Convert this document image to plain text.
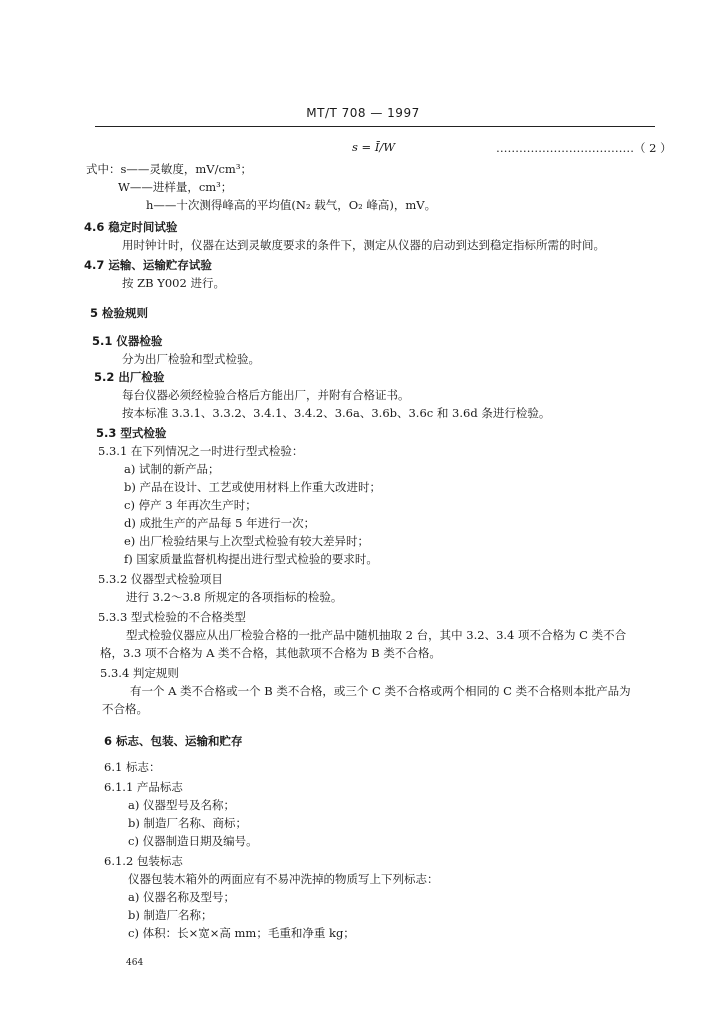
MT/T 708 — 1997
s = Ī/W	………………………………（ 2 ）
式中：s——灵敏度，mV/cm³；
W——进样量，cm³；
h——十次测得峰高的平均值(N₂ 载气，O₂ 峰高)，mV。
4.6 稳定时间试验
用时钟计时，仪器在达到灵敏度要求的条件下，测定从仪器的启动到达到稳定指标所需的时间。
4.7 运输、运输贮存试验
按 ZB Y002 进行。
5 检验规则
5.1 仪器检验
分为出厂检验和型式检验。
5.2 出厂检验
每台仪器必须经检验合格后方能出厂，并附有合格证书。
按本标准 3.3.1、3.3.2、3.4.1、3.4.2、3.6a、3.6b、3.6c 和 3.6d 条进行检验。
5.3 型式检验
5.3.1 在下列情况之一时进行型式检验：
a) 试制的新产品；
b) 产品在设计、工艺或使用材料上作重大改进时；
c) 停产 3 年再次生产时；
d) 成批生产的产品每 5 年进行一次；
e) 出厂检验结果与上次型式检验有较大差异时；
f) 国家质量监督机构提出进行型式检验的要求时。
5.3.2 仪器型式检验项目
进行 3.2～3.8 所规定的各项指标的检验。
5.3.3 型式检验的不合格类型
型式检验仪器应从出厂检验合格的一批产品中随机抽取 2 台，其中 3.2、3.4 项不合格为 C 类不合
格，3.3 项不合格为 A 类不合格，其他款项不合格为 B 类不合格。
5.3.4 判定规则
有一个 A 类不合格或一个 B 类不合格，或三个 C 类不合格或两个相同的 C 类不合格则本批产品为
不合格。
6 标志、包装、运输和贮存
6.1 标志：
6.1.1 产品标志
a) 仪器型号及名称；
b) 制造厂名称、商标；
c) 仪器制造日期及编号。
6.1.2 包装标志
仪器包装木箱外的两面应有不易冲洗掉的物质写上下列标志：
a) 仪器名称及型号；
b) 制造厂名称；
c) 体积：长×宽×高 mm；毛重和净重 kg；
464
